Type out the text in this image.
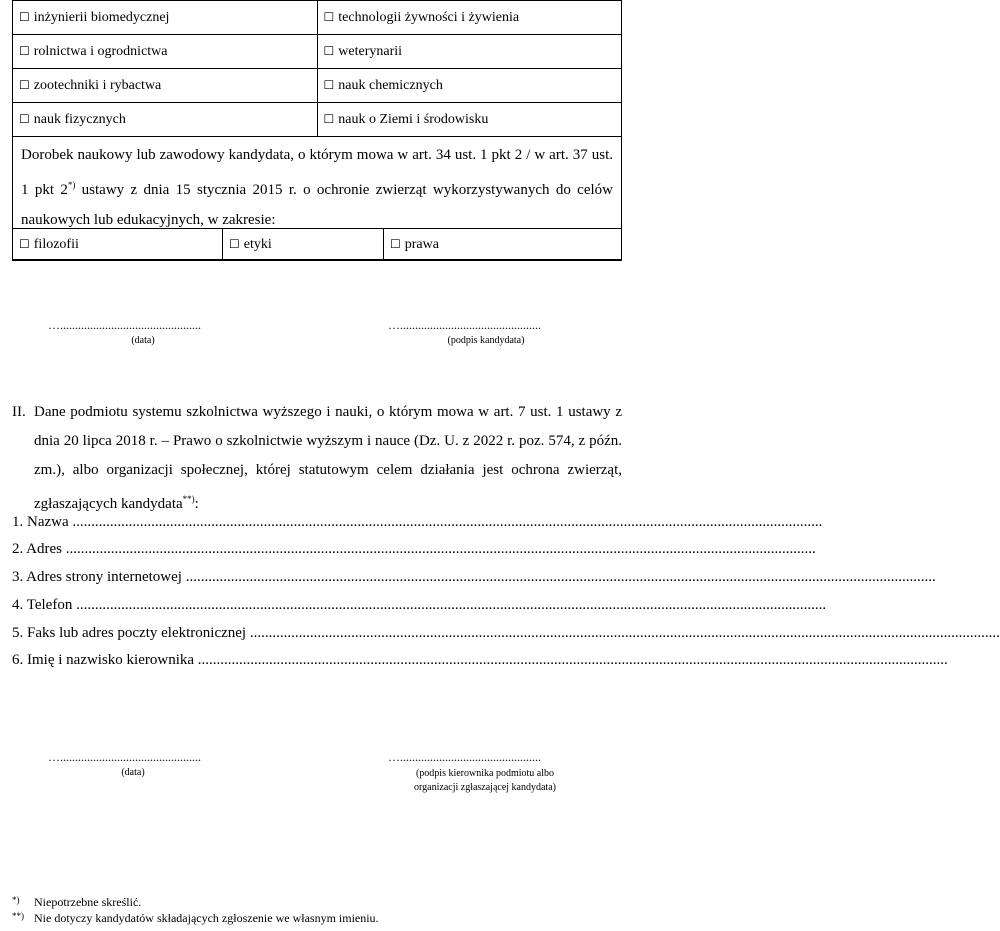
☐ inżynierii biomedycznej	☐ technologii żywności i żywienia
☐ rolnictwa i ogrodnictwa	☐ weterynarii
☐ zootechniki i rybactwa	☐ nauk chemicznych
☐ nauk fizycznych	☐ nauk o Ziemi i środowisku

Dorobek naukowy lub zawodowy kandydata, o którym mowa w art. 34 ust. 1 pkt 2 / w art. 37 ust. 1 pkt 2*) ustawy z dnia 15 stycznia 2015 r. o ochronie zwierząt wykorzystywanych do celów naukowych lub edukacyjnych, w zakresie:

☐ filozofii	☐ etyki	☐ prawa
…...............................................
(data)
…...............................................
(podpis kandydata)
II. Dane podmiotu systemu szkolnictwa wyższego i nauki, o którym mowa w art. 7 ust. 1 ustawy z dnia 20 lipca 2018 r. – Prawo o szkolnictwie wyższym i nauce (Dz. U. z 2022 r. poz. 574, z późn. zm.), albo organizacji społecznej, której statutowym celem działania jest ochrona zwierząt, zgłaszających kandydata**):
1. Nazwa ........................................................................................................................................................................................................
2. Adres ........................................................................................................................................................................................................
3. Adres strony internetowej ........................................................................................................................................................................................................
4. Telefon ........................................................................................................................................................................................................
5. Faks lub adres poczty elektronicznej ........................................................................................................................................................................................................
6. Imię i nazwisko kierownika ........................................................................................................................................................................................................
…...............................................
(data)
…...............................................
(podpis kierownika podmiotu albo
organizacji zgłaszającej kandydata)
*) Niepotrzebne skreślić.
**) Nie dotyczy kandydatów składających zgłoszenie we własnym imieniu.
